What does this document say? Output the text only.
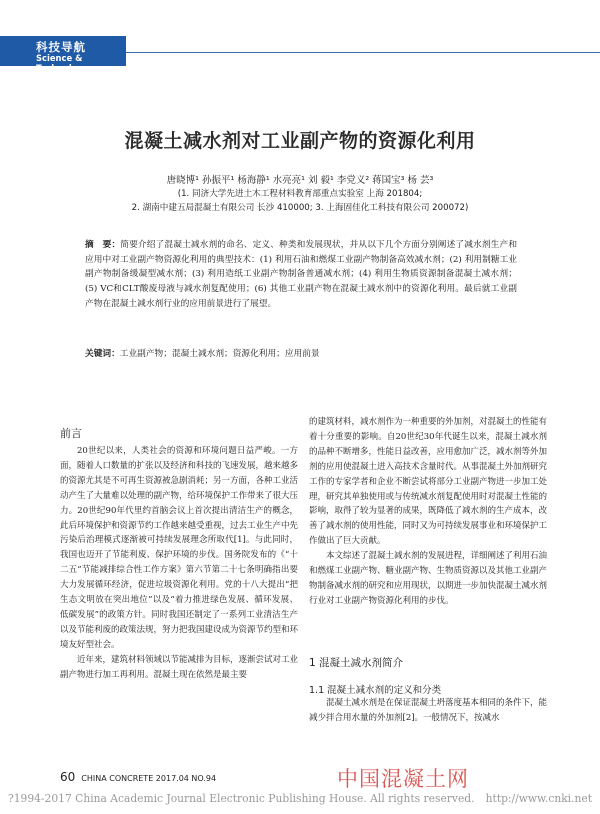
科技导航
Science & Technology
混凝土减水剂对工业副产物的资源化利用
唐晓博¹ 孙振平¹ 杨海静¹ 水亮亮¹ 刘 毅¹ 李党义² 蒋国宝³ 杨 芸³
(1. 同济大学先进土木工程材料教育部重点实验室 上海 201804;
2. 湖南中建五局混凝土有限公司 长沙 410000; 3. 上海固佳化工科技有限公司 200072)
摘　要：简要介绍了混凝土减水剂的命名、定义、种类和发展现状，并从以下几个方面分别阐述了减水剂生产和应用中对工业副产物资源化利用的典型技术：(1) 利用石油和燃煤工业副产物制备高效减水剂；(2) 利用制糖工业副产物制备缓凝型减水剂；(3) 利用造纸工业副产物制备普通减水剂；(4) 利用生物质资源制备混凝土减水剂；(5) VC和CLT酸废母液与减水剂复配使用；(6) 其他工业副产物在混凝土减水剂中的资源化利用。最后就工业副产物在混凝土减水剂行业的应用前景进行了展望。
关键词：工业副产物；混凝土减水剂；资源化利用；应用前景
前言

20世纪以来，人类社会的资源和环境问题日益严峻。一方面，随着人口数量的扩张以及经济和科技的飞速发展，越来越多的资源尤其是不可再生资源被急剧消耗；另一方面，各种工业活动产生了大量难以处理的副产物，给环境保护工作带来了很大压力。20世纪90年代里约首脑会议上首次提出清洁生产的概念，此后环境保护和资源节约工作越来越受重视，过去工业生产中先污染后治理模式逐渐被可持续发展理念所取代[1]。与此同时，我国也迈开了节能利废、保护环境的步伐。国务院发布的《“十二五”节能减排综合性工作方案》第六节第二十七条明确指出要大力发展循环经济，促进垃圾资源化利用。党的十八大提出“把生态文明放在突出地位”以及“着力推进绿色发展、循环发展、低碳发展”的政策方针。同时我国还制定了一系列工业清洁生产以及节能利废的政策法规，努力把我国建设成为资源节约型和环境友好型社会。

近年来，建筑材料领域以节能减排为目标，逐渐尝试对工业副产物进行加工再利用。混凝土现在依然是最主要

的建筑材料，减水剂作为一种重要的外加剂，对混凝土的性能有着十分重要的影响。自20世纪30年代诞生以来，混凝土减水剂的品种不断增多，性能日益改善，应用愈加广泛，减水剂等外加剂的应用使混凝土进入高技术含量时代。从事混凝土外加剂研究工作的专家学者和企业不断尝试将部分工业副产物进一步加工处理，研究其单独使用或与传统减水剂复配使用时对混凝土性能的影响，取得了较为显著的成果，既降低了减水剂的生产成本，改善了减水剂的使用性能，同时又为可持续发展事业和环境保护工作做出了巨大贡献。

本文综述了混凝土减水剂的发展进程，详细阐述了利用石油和燃煤工业副产物、糖业副产物、生物质资源以及其他工业副产物制备减水剂的研究和应用现状，以期进一步加快混凝土减水剂行业对工业副产物资源化利用的步伐。

1 混凝土减水剂简介
1.1 混凝土减水剂的定义和分类

混凝土减水剂是在保证混凝土坍落度基本相同的条件下，能减少拌合用水量的外加剂[2]。一般情况下，按减水

60 CHINA CONCRETE 2017.04 NO.94	中国混凝土网
?1994-2017 China Academic Journal Electronic Publishing House. All rights reserved. http://www.cnki.net
